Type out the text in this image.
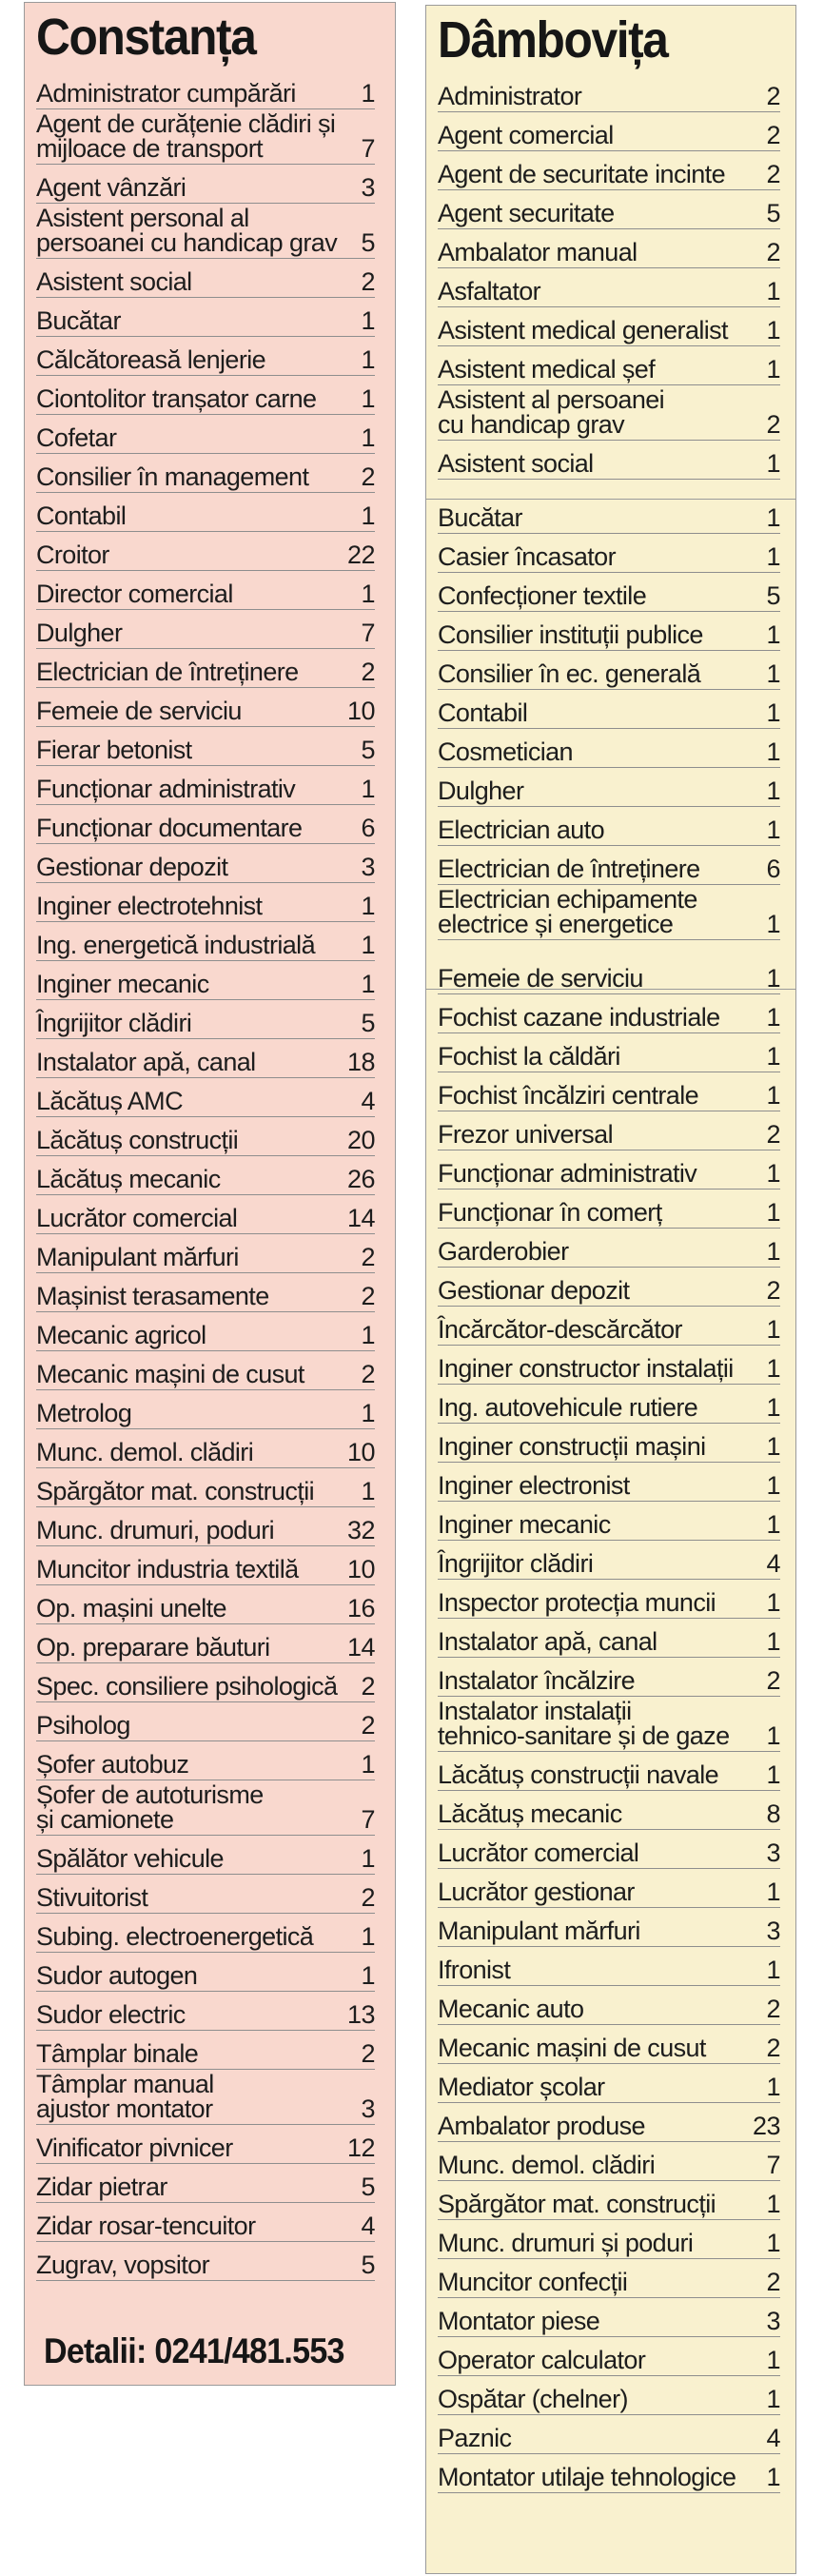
Constanța
Administrator cumpărări	1
Agent de curățenie clădiri și
mijloace de transport	7
Agent vânzări	3
Asistent personal al
persoanei cu handicap grav 5
Asistent social	2
Bucătar	1
Călcătoreasă lenjerie	1
Ciontolitor tranșator carne	1
Cofetar	1
Consilier în management	2
Contabil	1
Croitor	22
Director comercial	1
Dulgher	7
Electrician de întreținere	2
Femeie de serviciu	10
Fierar betonist	5
Funcționar administrativ	1
Funcționar documentare	6
Gestionar depozit	3
Inginer electrotehnist	1
Ing. energetică industrială	1
Inginer mecanic	1
Îngrijitor clădiri	5
Instalator apă, canal	18
Lăcătuș AMC	4
Lăcătuș construcții	20
Lăcătuș mecanic	26
Lucrător comercial	14
Manipulant mărfuri	2
Mașinist terasamente	2
Mecanic agricol	1
Mecanic mașini de cusut	2
Metrolog	1
Munc. demol. clădiri	10
Spărgător mat. construcții	1
Munc. drumuri, poduri	32
Muncitor industria textilă	10
Op. mașini unelte	16
Op. preparare băuturi	14
Spec. consiliere psihologică 2
Psiholog	2
Șofer autobuz	1
Șofer de autoturisme
și camionete	7
Spălător vehicule	1
Stivuitorist	2
Subing. electroenergetică	1
Sudor autogen	1
Sudor electric	13
Tâmplar binale	2
Tâmplar manual
ajustor montator	3
Vinificator pivnicer	12
Zidar pietrar	5
Zidar rosar-tencuitor	4
Zugrav, vopsitor	5
Detalii: 0241/481.553
Dâmbovița
Administrator	2
Agent comercial	2
Agent de securitate incinte	2
Agent securitate	5
Ambalator manual	2
Asfaltator	1
Asistent medical generalist	1
Asistent medical șef	1
Asistent al persoanei
cu handicap grav	2
Asistent social	1
Bucătar	1
Casier încasator	1
Confecționer textile	5
Consilier instituții publice	1
Consilier în ec. generală	1
Contabil	1
Cosmetician	1
Dulgher	1
Electrician auto	1
Electrician de întreținere	6
Electrician echipamente
electrice și energetice	1
Femeie de serviciu	1
Fochist cazane industriale	1
Fochist la căldări	1
Fochist încălziri centrale	1
Frezor universal	2
Funcționar administrativ	1
Funcționar în comerț	1
Garderobier	1
Gestionar depozit	2
Încărcător-descărcător	1
Inginer constructor instalații	1
Ing. autovehicule rutiere	1
Inginer construcții mașini	1
Inginer electronist	1
Inginer mecanic	1
Îngrijitor clădiri	4
Inspector protecția muncii	1
Instalator apă, canal	1
Instalator încălzire	2
Instalator instalații
tehnico-sanitare și de gaze	1
Lăcătuș construcții navale	1
Lăcătuș mecanic	8
Lucrător comercial	3
Lucrător gestionar	1
Manipulant mărfuri	3
Ifronist	1
Mecanic auto	2
Mecanic mașini de cusut	2
Mediator școlar	1
Ambalator produse	23
Munc. demol. clădiri	7
Spărgător mat. construcții	1
Munc. drumuri și poduri	1
Muncitor confecții	2
Montator piese	3
Operator calculator	1
Ospătar (chelner)	1
Paznic	4
Montator utilaje tehnologice 1
